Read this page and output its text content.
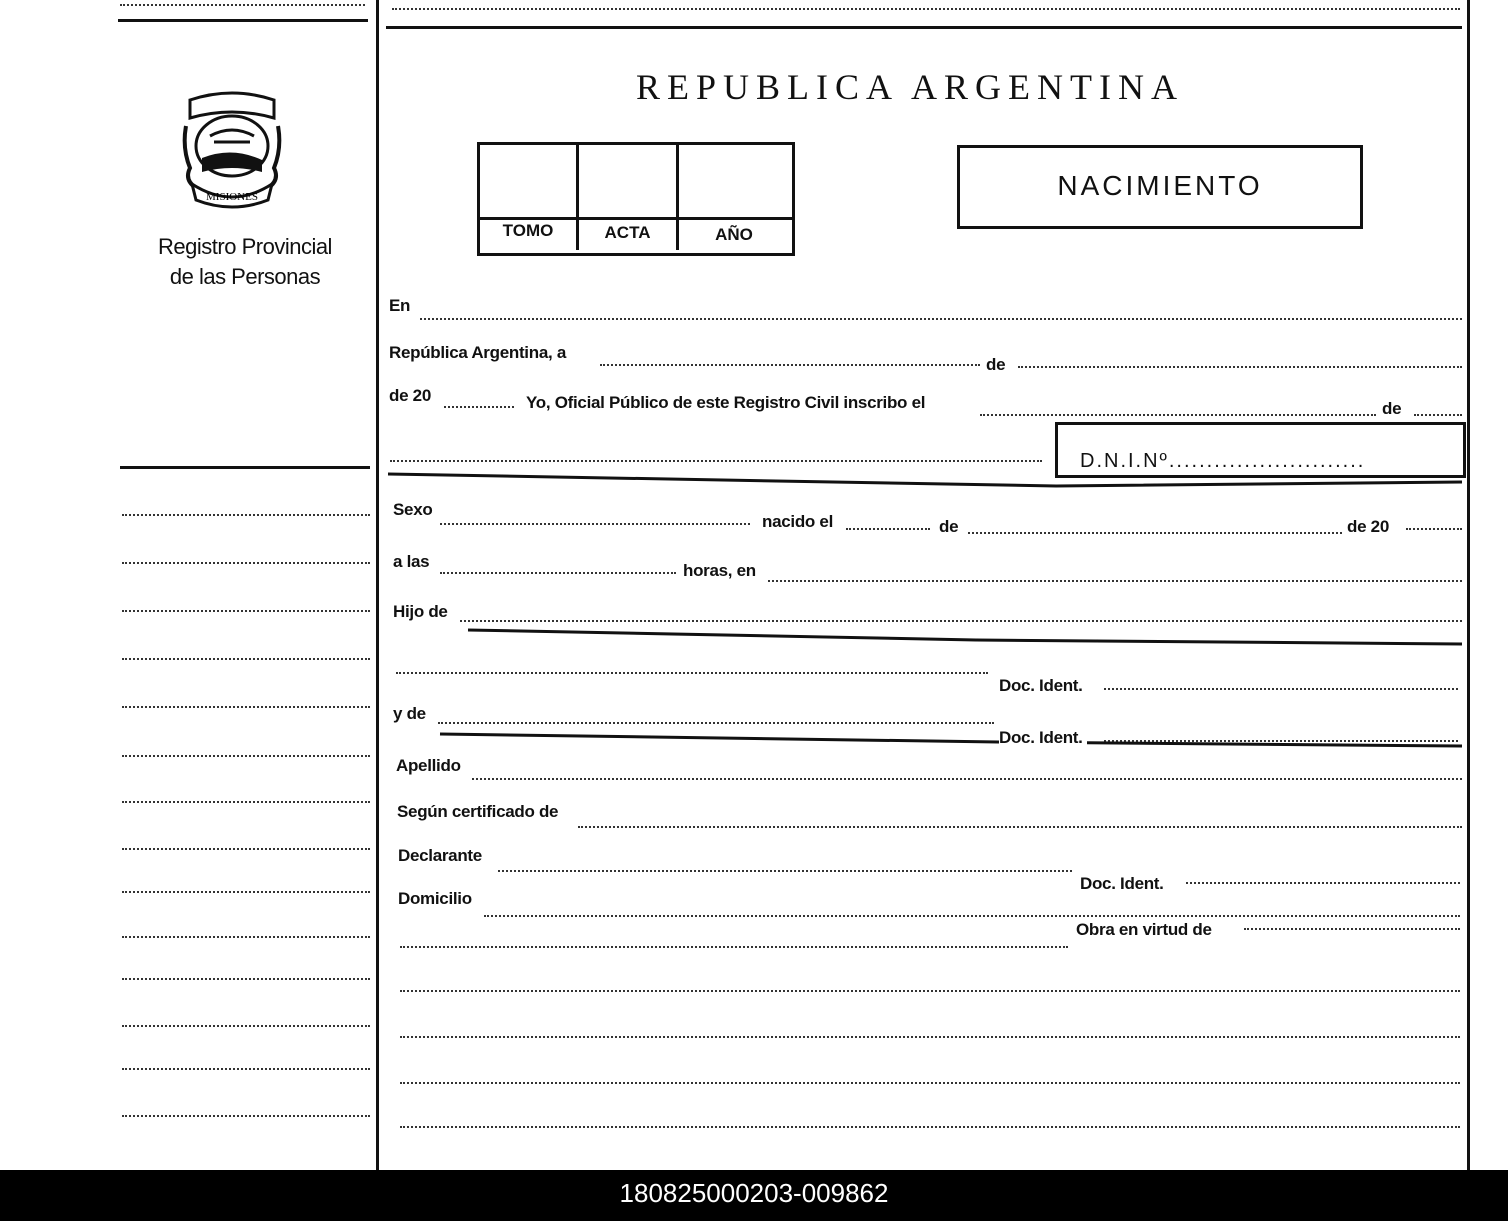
MISIONES
Registro Provincial
de las Personas
REPUBLICA ARGENTINA
TOMO	ACTA	AÑO
NACIMIENTO
En
República Argentina, a
de
de 20	Yo, Oficial Público de este Registro Civil inscribo el	de
D.N.I.Nº..........................
Sexo
nacido el	de	de 20
a las	horas, en
Hijo de
Doc. Ident.
y de
Doc. Ident.
Apellido
Según certificado de
Declarante
Doc. Ident.
Domicilio
Obra en virtud de
180825000203-009862
